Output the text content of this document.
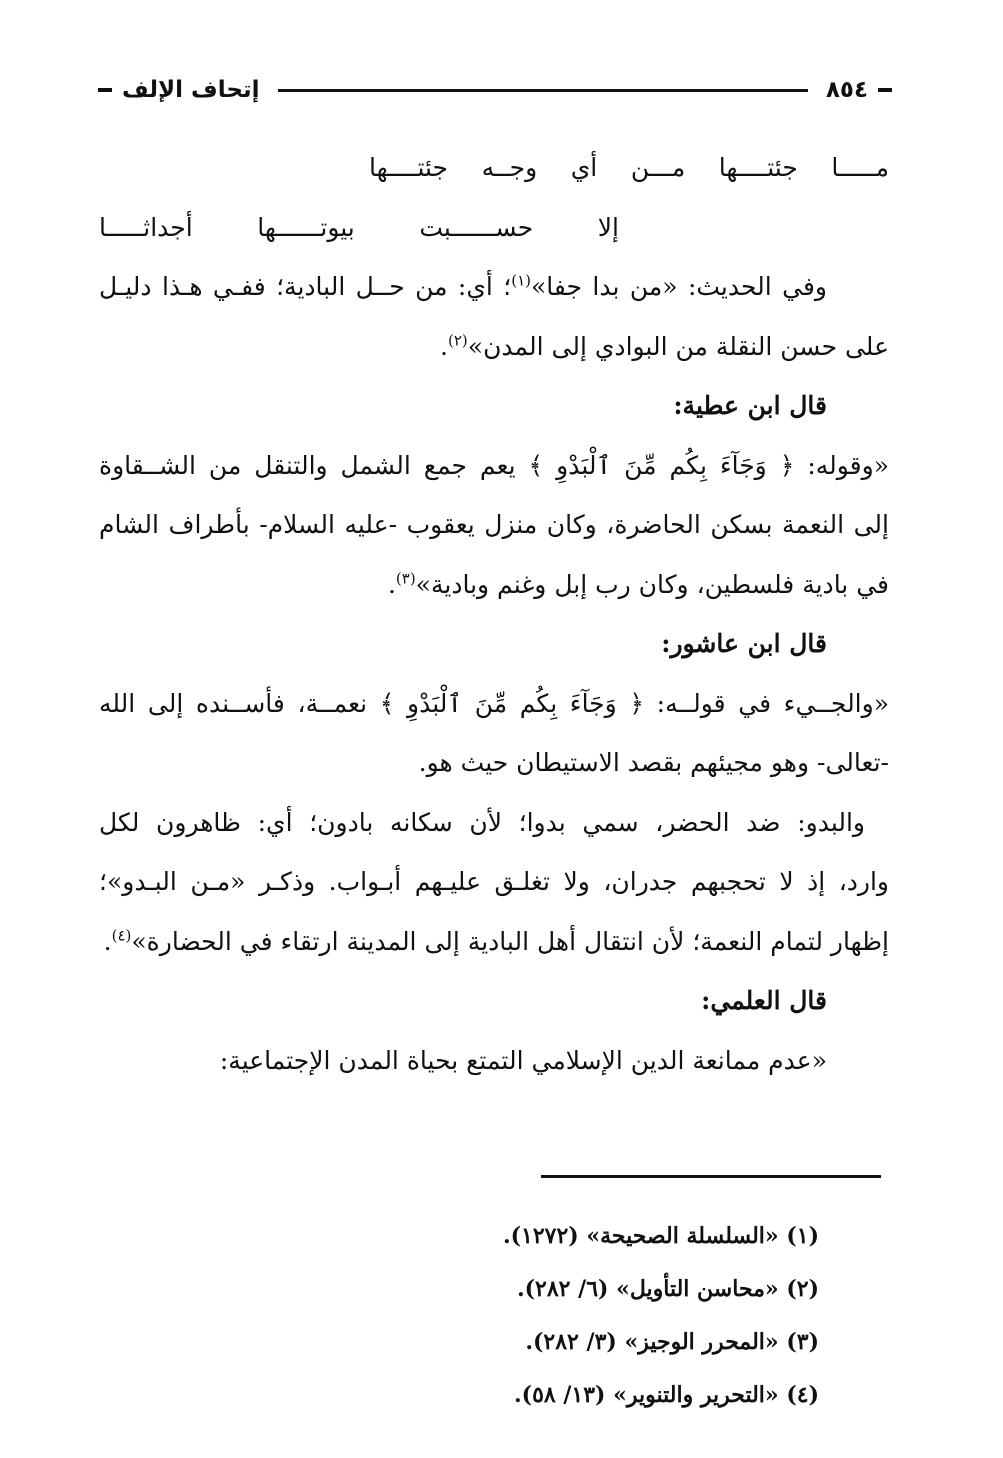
٨٥٤
إتحاف الإلف
مـــــا جئتــــها مـــن أي وجــه جئتــــها
إلا حســــــبت بيوتــــــها أجداثـــــا
وفي الحديث: «من بدا جفا»$^{(١)}$؛ أي: من حــل البادية؛ ففـي هـذا دليـل
على حسن النقلة من البوادي إلى المدن»$^{(٢)}$.
قال ابن عطية:
«وقوله: ﴿ وَجَآءَ بِكُم مِّنَ ٱلْبَدْوِ ﴾ يعم جمع الشمل والتنقل من الشــقاوة
إلى النعمة بسكن الحاضرة، وكان منزل يعقوب -عليه السلام- بأطراف الشام
في بادية فلسطين، وكان رب إبل وغنم وبادية»$^{(٣)}$.
قال ابن عاشور:
«والجــيء في قولــه: ﴿ وَجَآءَ بِكُم مِّنَ ٱلْبَدْوِ ﴾ نعمــة، فأســنده إلى الله
-تعالى- وهو مجيئهم بقصد الاستيطان حيث هو.
والبدو: ضد الحضر، سمي بدوا؛ لأن سكانه بادون؛ أي: ظاهرون لكل
وارد، إذ لا تحجبهم جدران، ولا تغلـق عليـهم أبـواب. وذكـر «مـن البـدو»؛
إظهار لتمام النعمة؛ لأن انتقال أهل البادية إلى المدينة ارتقاء في الحضارة»$^{(٤)}$.
قال العلمي:
«عدم ممانعة الدين الإسلامي التمتع بحياة المدن الإجتماعية:
(١) «السلسلة الصحيحة» (١٢٧٢).
(٢) «محاسن التأويل» (٦/ ٢٨٢).
(٣) «المحرر الوجيز» (٣/ ٢٨٢).
(٤) «التحرير والتنوير» (١٣/ ٥٨).
